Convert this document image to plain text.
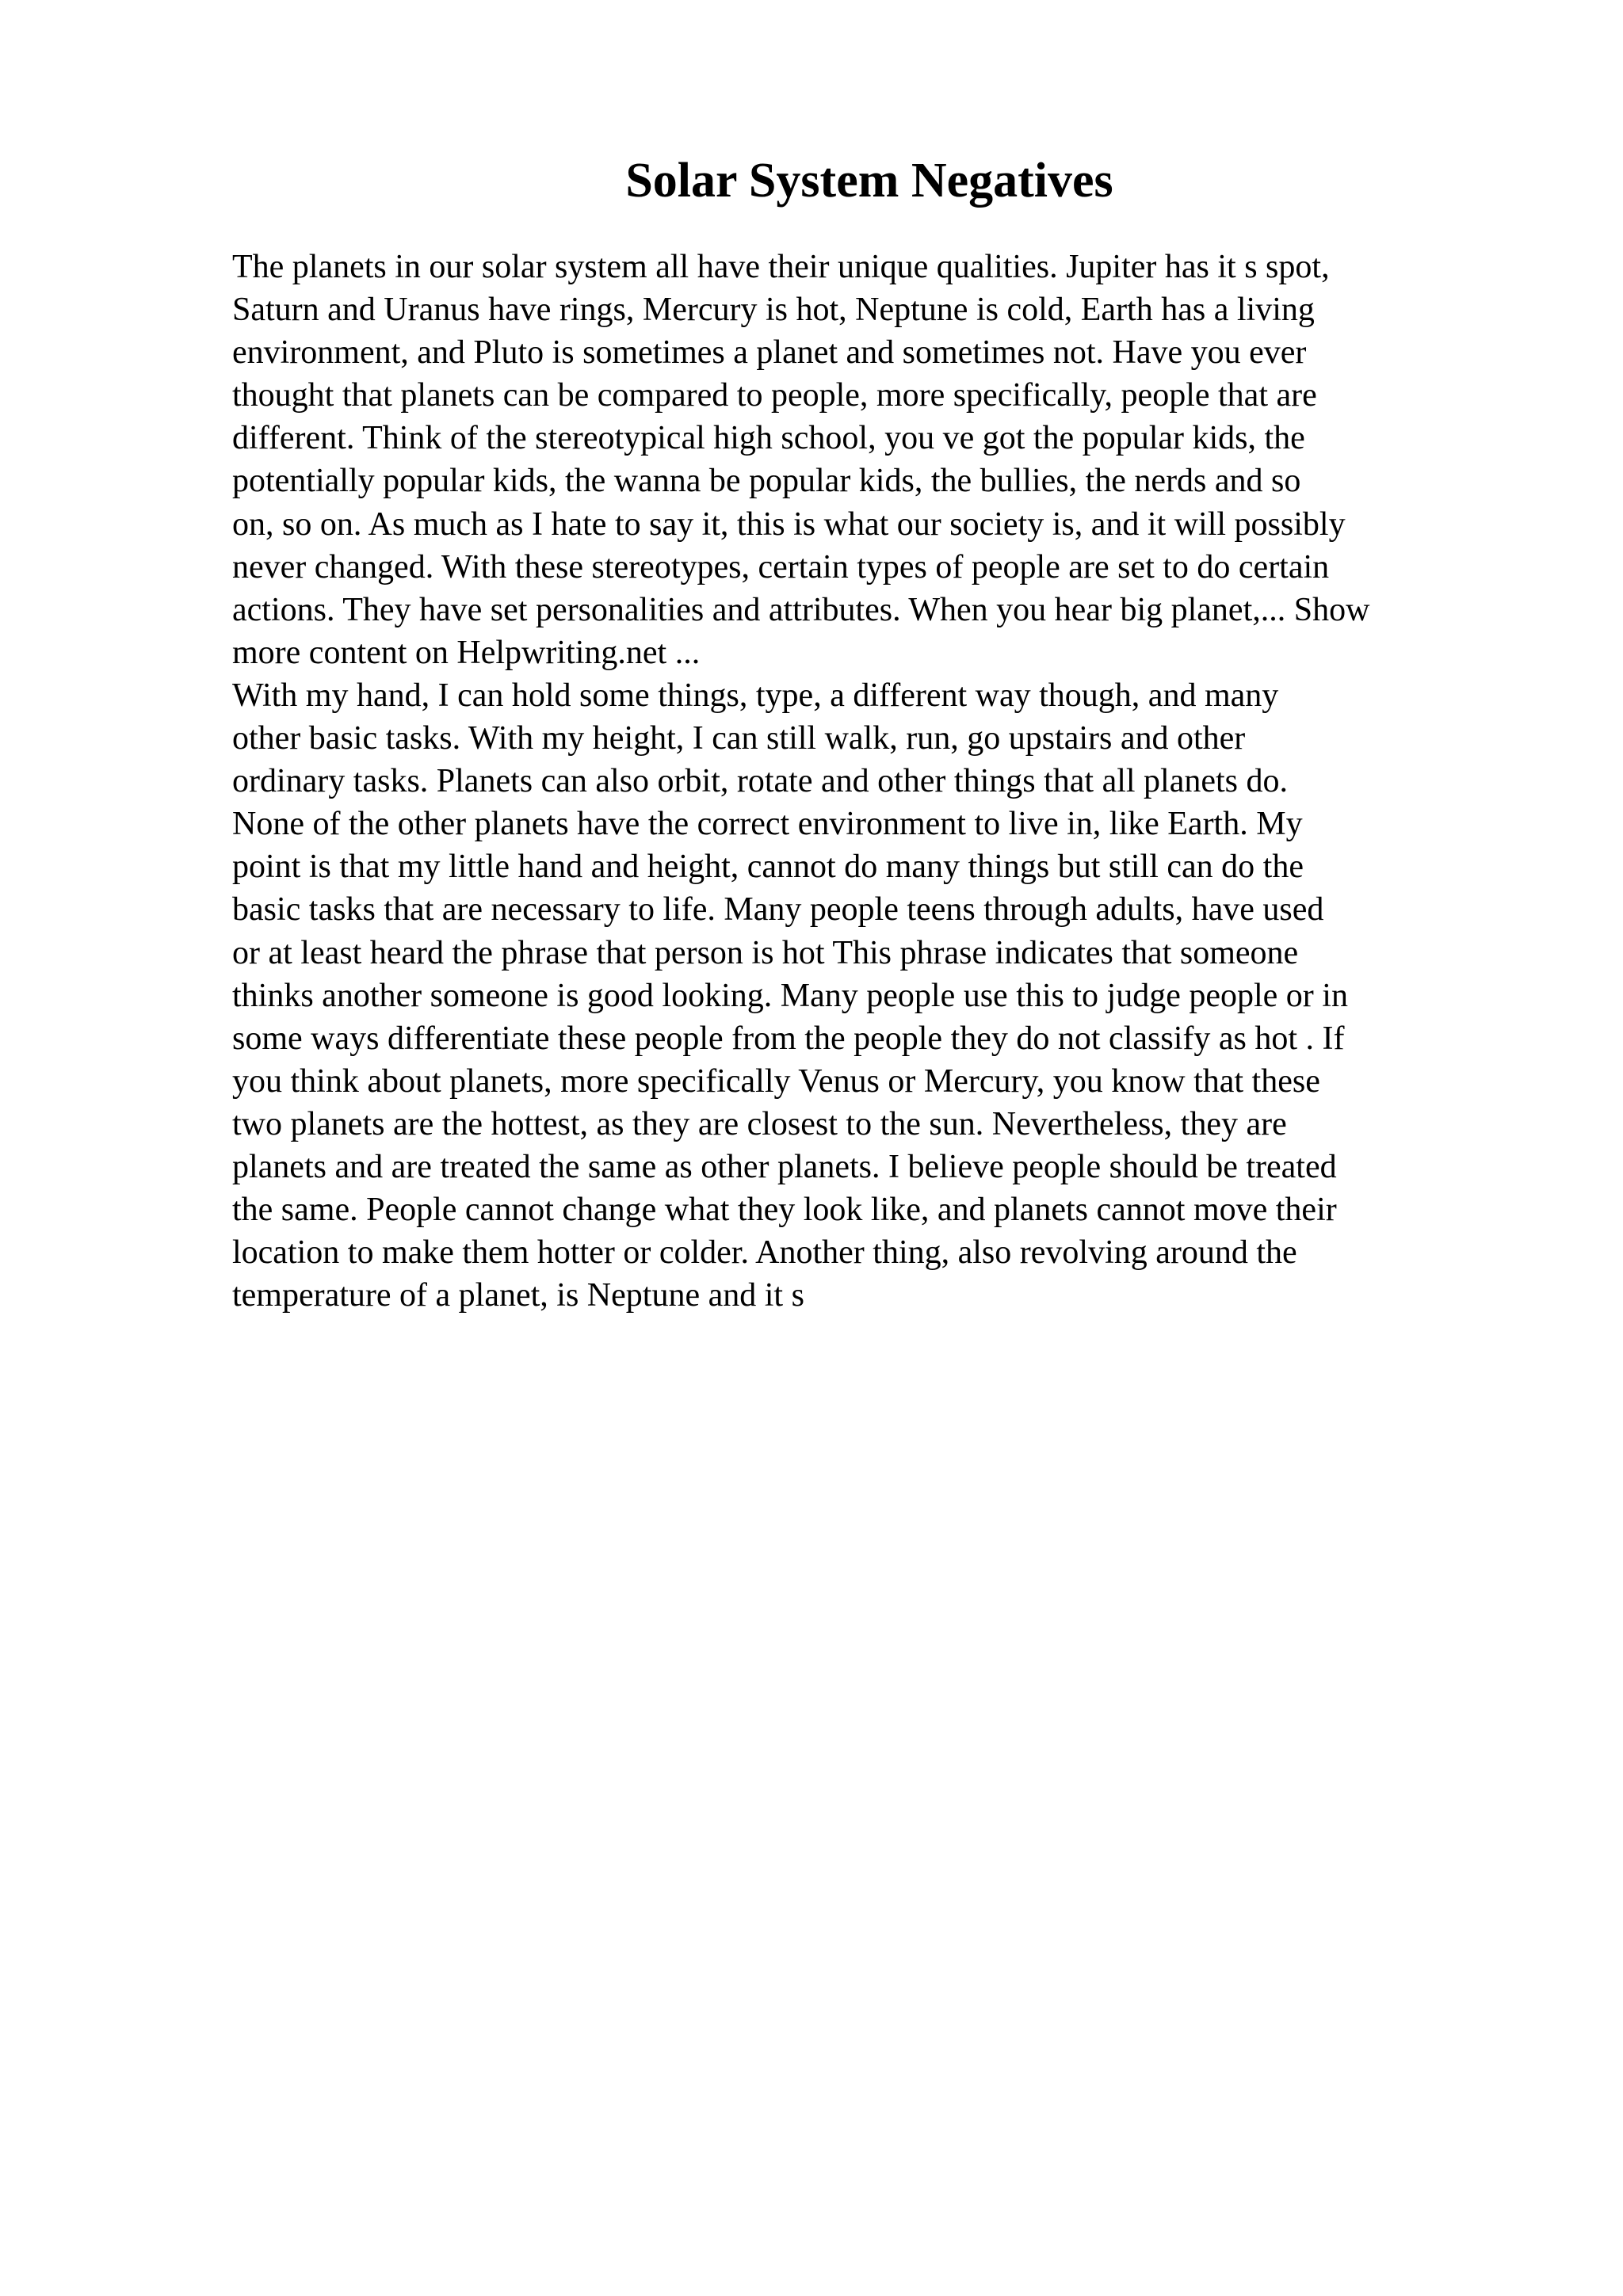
Solar System Negatives
The planets in our solar system all have their unique qualities. Jupiter has it s spot,
Saturn and Uranus have rings, Mercury is hot, Neptune is cold, Earth has a living
environment, and Pluto is sometimes a planet and sometimes not. Have you ever
thought that planets can be compared to people, more specifically, people that are
different. Think of the stereotypical high school, you ve got the popular kids, the
potentially popular kids, the wanna be popular kids, the bullies, the nerds and so
on, so on. As much as I hate to say it, this is what our society is, and it will possibly
never changed. With these stereotypes, certain types of people are set to do certain
actions. They have set personalities and attributes. When you hear big planet,... Show
more content on Helpwriting.net ...
With my hand, I can hold some things, type, a different way though, and many
other basic tasks. With my height, I can still walk, run, go upstairs and other
ordinary tasks. Planets can also orbit, rotate and other things that all planets do.
None of the other planets have the correct environment to live in, like Earth. My
point is that my little hand and height, cannot do many things but still can do the
basic tasks that are necessary to life. Many people teens through adults, have used
or at least heard the phrase that person is hot This phrase indicates that someone
thinks another someone is good looking. Many people use this to judge people or in
some ways differentiate these people from the people they do not classify as hot . If
you think about planets, more specifically Venus or Mercury, you know that these
two planets are the hottest, as they are closest to the sun. Nevertheless, they are
planets and are treated the same as other planets. I believe people should be treated
the same. People cannot change what they look like, and planets cannot move their
location to make them hotter or colder. Another thing, also revolving around the
temperature of a planet, is Neptune and it s
